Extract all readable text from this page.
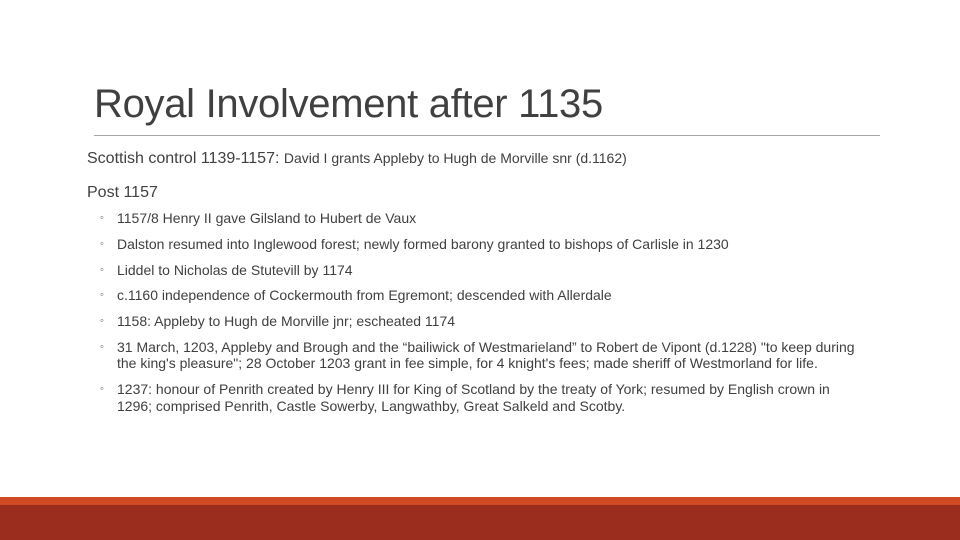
Royal Involvement after 1135
Scottish control 1139-1157: David I grants Appleby to Hugh de Morville snr (d.1162)
Post 1157
◦ 1157/8 Henry II gave Gilsland to Hubert de Vaux
◦ Dalston resumed into Inglewood forest; newly formed barony granted to bishops of Carlisle in 1230
◦ Liddel to Nicholas de Stutevill by 1174
◦ c.1160 independence of Cockermouth from Egremont; descended with Allerdale
◦ 1158: Appleby to Hugh de Morville jnr; escheated 1174
◦ 31 March, 1203, Appleby and Brough and the “bailiwick of Westmarieland” to Robert de Vipont (d.1228) "to keep during the king's pleasure"; 28 October 1203 grant in fee simple, for 4 knight's fees; made sheriff of Westmorland for life.
◦ 1237: honour of Penrith created by Henry III for King of Scotland by the treaty of York; resumed by English crown in 1296; comprised Penrith, Castle Sowerby, Langwathby, Great Salkeld and Scotby.
